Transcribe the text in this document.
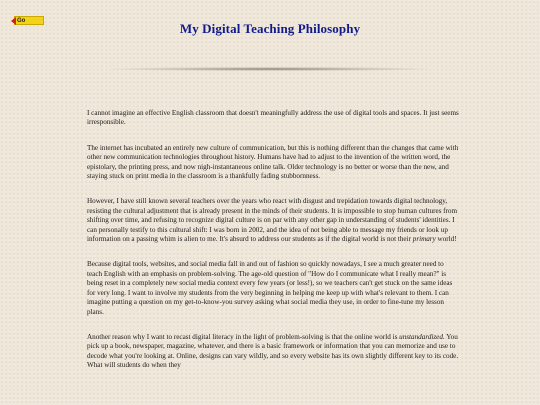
Go
My Digital Teaching Philosophy

I cannot imagine an effective English classroom that doesn't meaningfully address the use of digital tools and spaces. It just seems irresponsible.

The internet has incubated an entirely new culture of communication, but this is nothing different than the changes that came with other new communication technologies throughout history. Humans have had to adjust to the invention of the written word, the epistolary, the printing press, and now nigh-instantaneous online talk. Older technology is no better or worse than the new, and staying stuck on print media in the classroom is a thankfully fading stubbornness.

However, I have still known several teachers over the years who react with disgust and trepidation towards digital technology, resisting the cultural adjustment that is already present in the minds of their students. It is impossible to stop human cultures from shifting over time, and refusing to recognize digital culture is on par with any other gap in understanding of students' identities. I can personally testify to this cultural shift: I was born in 2002, and the idea of not being able to message my friends or look up information on a passing whim is alien to me. It's absurd to address our students as if the digital world is not their primary world!

Because digital tools, websites, and social media fall in and out of fashion so quickly nowadays, I see a much greater need to teach English with an emphasis on problem-solving. The age-old question of "How do I communicate what I really mean?" is being reset in a completely new social media context every few years (or less!), so we teachers can't get stuck on the same ideas for very long. I want to involve my students from the very beginning in helping me keep up with what's relevant to them. I can imagine putting a question on my get-to-know-you survey asking what social media they use, in order to fine-tune my lesson plans.

Another reason why I want to recast digital literacy in the light of problem-solving is that the online world is unstandardized. You pick up a book, newspaper, magazine, whatever, and there is a basic framework or information that you can memorize and use to decode what you're looking at. Online, designs can vary wildly, and so every website has its own slightly different key to its code. What will students do when they
